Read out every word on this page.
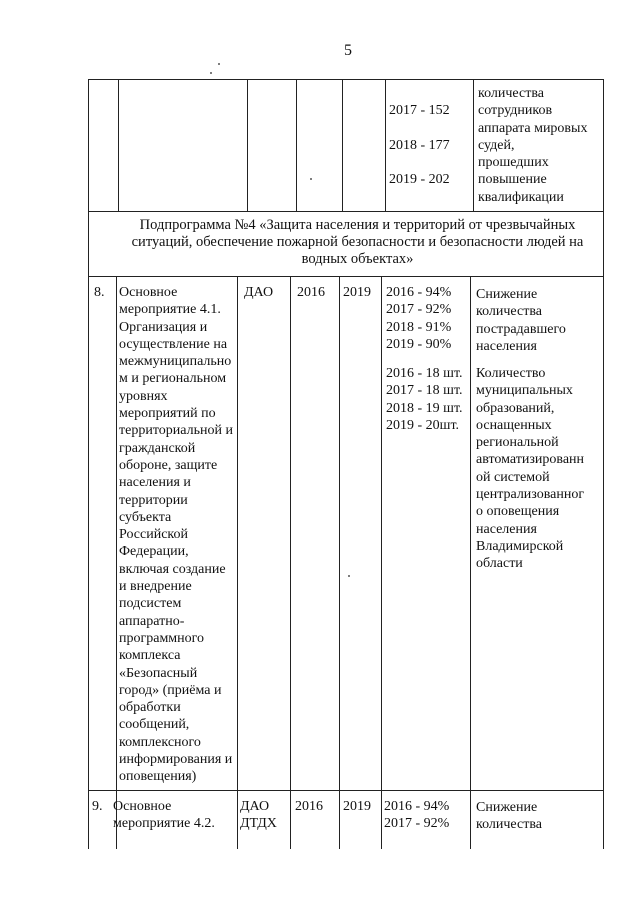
5

2017 - 152

2018 - 177

2019 - 202

количества
сотрудников
аппарата мировых
судей,
прошедших
повышение
квалификации
Подпрограмма №4 «Защита населения и территорий от чрезвычайных
ситуаций, обеспечение пожарной безопасности и безопасности людей на
водных объектах»
8. Основное
мероприятие 4.1.
Организация и
осуществление на
межмуниципально
м и региональном
уровнях
мероприятий по
территориальной и
гражданской
обороне, защите
населения и
территории
субъекта
Российской
Федерации,
включая создание
и внедрение
подсистем
аппаратно-
программного
комплекса
«Безопасный
город» (приёма и
обработки
сообщений,
комплексного
информирования и
оповещения)
ДАО 2016 2019 2016 - 94%
2017 - 92%
2018 - 91%
2019 - 90%
2016 - 18 шт.
2017 - 18 шт.
2018 - 19 шт.
2019 - 20шт.
Снижение
количества
пострадавшего
населения
Количество
муниципальных
образований,
оснащенных
региональной
автоматизированн
ой системой
централизованног
о оповещения
населения
Владимирской
области
9. Основное
мероприятие 4.2.
ДАО
ДТДХ
2016 2019 2016 - 94%
2017 - 92%
Снижение
количества
